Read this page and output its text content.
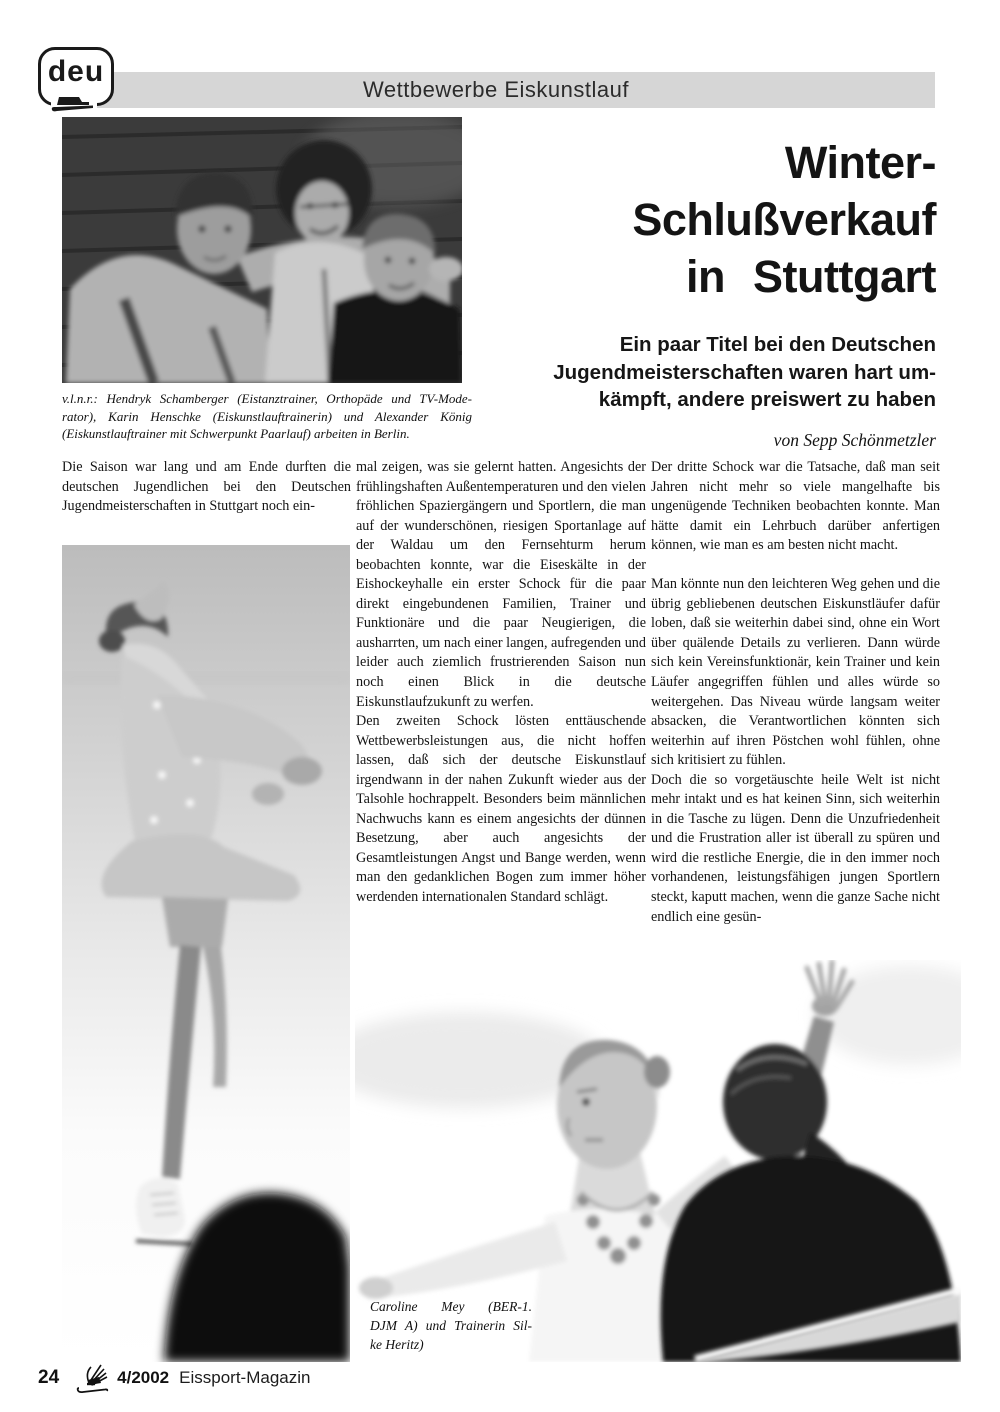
deu
Wettbewerbe Eiskunstlauf
v.l.n.r.: Hendryk Schamberger (Eistanztrainer, Orthopäde und TV-Mode-
rator), Karin Henschke (Eiskunstlauftrainerin) und Alexander König
(Eiskunstlauftrainer mit Schwerpunkt Paarlauf) arbeiten in Berlin.
Winter-
Schlußverkauf
in Stuttgart
Ein paar Titel bei den Deutschen
Jugendmeisterschaften waren hart um-
kämpft, andere preiswert zu haben
von Sepp Schönmetzler

Die Saison war lang und am Ende durften die deutschen Jugendlichen bei den Deutschen Jugendmeisterschaften in Stuttgart noch ein-

mal zeigen, was sie gelernt hatten. Angesichts der frühlingshaften Außentemperaturen und den vielen fröhlichen Spaziergängern und Sportlern, die man auf der wunderschönen, riesigen Sportanlage auf der Waldau um den Fernsehturm herum beobachten konnte, war die Eiseskälte in der Eishockeyhalle ein erster Schock für die paar direkt eingebundenen Familien, Trainer und Funktionäre und die paar Neugierigen, die ausharrten, um nach einer langen, aufregenden und leider auch ziemlich frustrierenden Saison nun noch einen Blick in die deutsche Eiskunstlaufzukunft zu werfen.

Den zweiten Schock lösten enttäuschende Wettbewerbsleistungen aus, die nicht hoffen lassen, daß sich der deutsche Eiskunstlauf irgendwann in der nahen Zukunft wieder aus der Talsohle hochrappelt. Besonders beim männlichen Nachwuchs kann es einem angesichts der dünnen Besetzung, aber auch angesichts der Gesamtleistungen Angst und Bange werden, wenn man den gedanklichen Bogen zum immer höher werdenden internationalen Standard schlägt.

Der dritte Schock war die Tatsache, daß man seit Jahren nicht mehr so viele mangelhafte bis ungenügende Techniken beobachten konnte. Man hätte damit ein Lehrbuch darüber anfertigen können, wie man es am besten nicht macht.

Man könnte nun den leichteren Weg gehen und die übrig gebliebenen deutschen Eiskunstläufer dafür loben, daß sie weiterhin dabei sind, ohne ein Wort über quälende Details zu verlieren. Dann würde sich kein Vereinsfunktionär, kein Trainer und kein Läufer angegriffen fühlen und alles würde so weitergehen. Das Niveau würde langsam weiter absacken, die Verantwortlichen könnten sich weiterhin auf ihren Pöstchen wohl fühlen, ohne sich kritisiert zu fühlen.

Doch die so vorgetäuschte heile Welt ist nicht mehr intakt und es hat keinen Sinn, sich weiterhin in die Tasche zu lügen. Denn die Unzufriedenheit und die Frustration aller ist überall zu spüren und wird die restliche Energie, die in den immer noch vorhandenen, leistungsfähigen jungen Sportlern steckt, kaputt machen, wenn die ganze Sache nicht endlich eine gesün-

Caroline Mey (BER-1.
DJM A) und Trainerin Sil-
ke Heritz)
24	4/2002 Eissport-Magazin
